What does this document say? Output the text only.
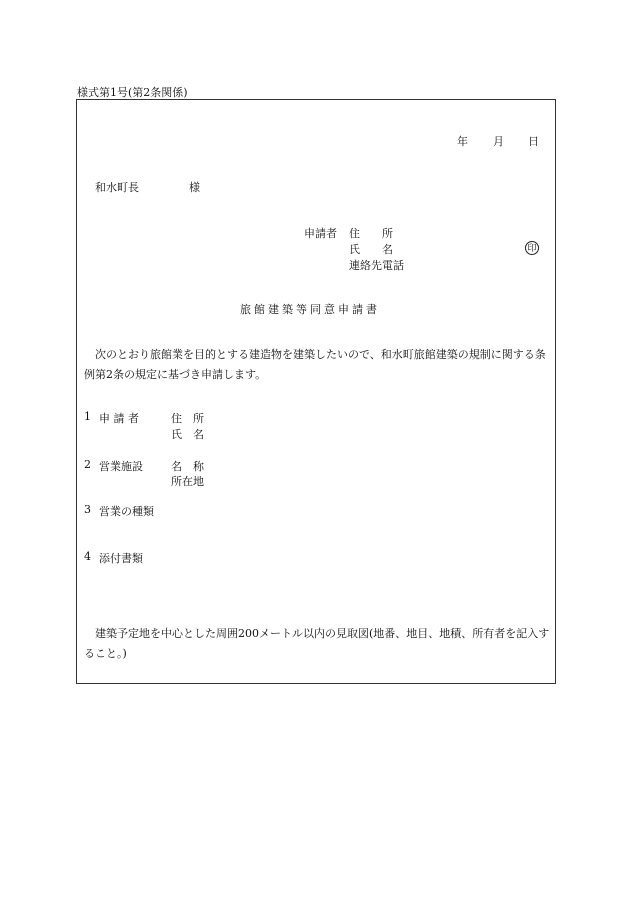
様式第1号(第2条関係)
年 月 日
和水町長	様
申請者 住　　所
氏　　名
連絡先電話
印
旅館建築等同意申請書
次のとおり旅館業を目的とする建造物を建築したいので、和水町旅館建築の規制に関する条例第2条の規定に基づき申請します。
1 申 請 者	住　所
氏　名
2 営業施設	名　称
所在地
3 営業の種類
4 添付書類
建築予定地を中心とした周囲200メートル以内の見取図(地番、地目、地積、所有者を記入すること。)
